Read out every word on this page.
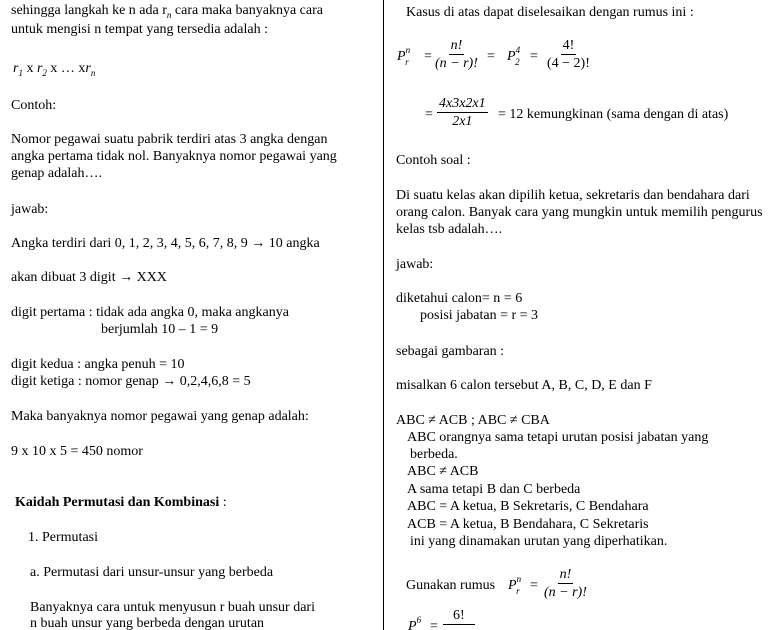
sehingga langkah ke n ada $r_n$ cara maka banyaknya cara
untuk mengisi n tempat yang tersedia adalah :
$r_1$ x $r_2$ x … $xr_n$
Contoh:
Nomor pegawai suatu pabrik terdiri atas 3 angka dengan
angka pertama tidak nol. Banyaknya nomor pegawai yang
genap adalah….
jawab:
Angka terdiri dari 0, 1, 2, 3, 4, 5, 6, 7, 8, 9 → 10 angka
akan dibuat 3 digit → XXX
digit pertama : tidak ada angka 0, maka angkanya
berjumlah 10 – 1 = 9
digit kedua : angka penuh = 10
digit ketiga : nomor genap → 0,2,4,6,8 = 5
Maka banyaknya nomor pegawai yang genap adalah:
9 x 10 x 5 = 450 nomor
Kaidah Permutasi dan Kombinasi :
1. Permutasi
a. Permutasi dari unsur-unsur yang berbeda
Banyaknya cara untuk menyusun r buah unsur dari
n buah unsur yang berbeda dengan urutan
Kasus di atas dapat diselesaikan dengan rumus ini :
$P^n_r$	= $\frac{n!}{(n - r)!} = P^4_2 = \frac{4!}{(4 - 2)!}$
= $\frac{4x3x2x1}{2x1} = 12$ kemungkinan (sama dengan di atas)
Contoh soal :
Di suatu kelas akan dipilih ketua, sekretaris dan bendahara dari
orang calon. Banyak cara yang mungkin untuk memilih pengurus
kelas tsb adalah….
jawab:
diketahui calon= n = 6
posisi jabatan = r = 3
sebagai gambaran :
misalkan 6 calon tersebut A, B, C, D, E dan F
ABC ≠ ACB ; ABC ≠ CBA
ABC orangnya sama tetapi urutan posisi jabatan yang
berbeda.
ABC ≠ ACB
A sama tetapi B dan C berbeda
ABC = A ketua, B Sekretaris, C Bendahara
ACB = A ketua, B Bendahara, C Sekretaris
ini yang dinamakan urutan yang diperhatikan.
Gunakan rumus $P^n_r = \frac{n!}{(n - r)!}$
$P^6$ =
6!
